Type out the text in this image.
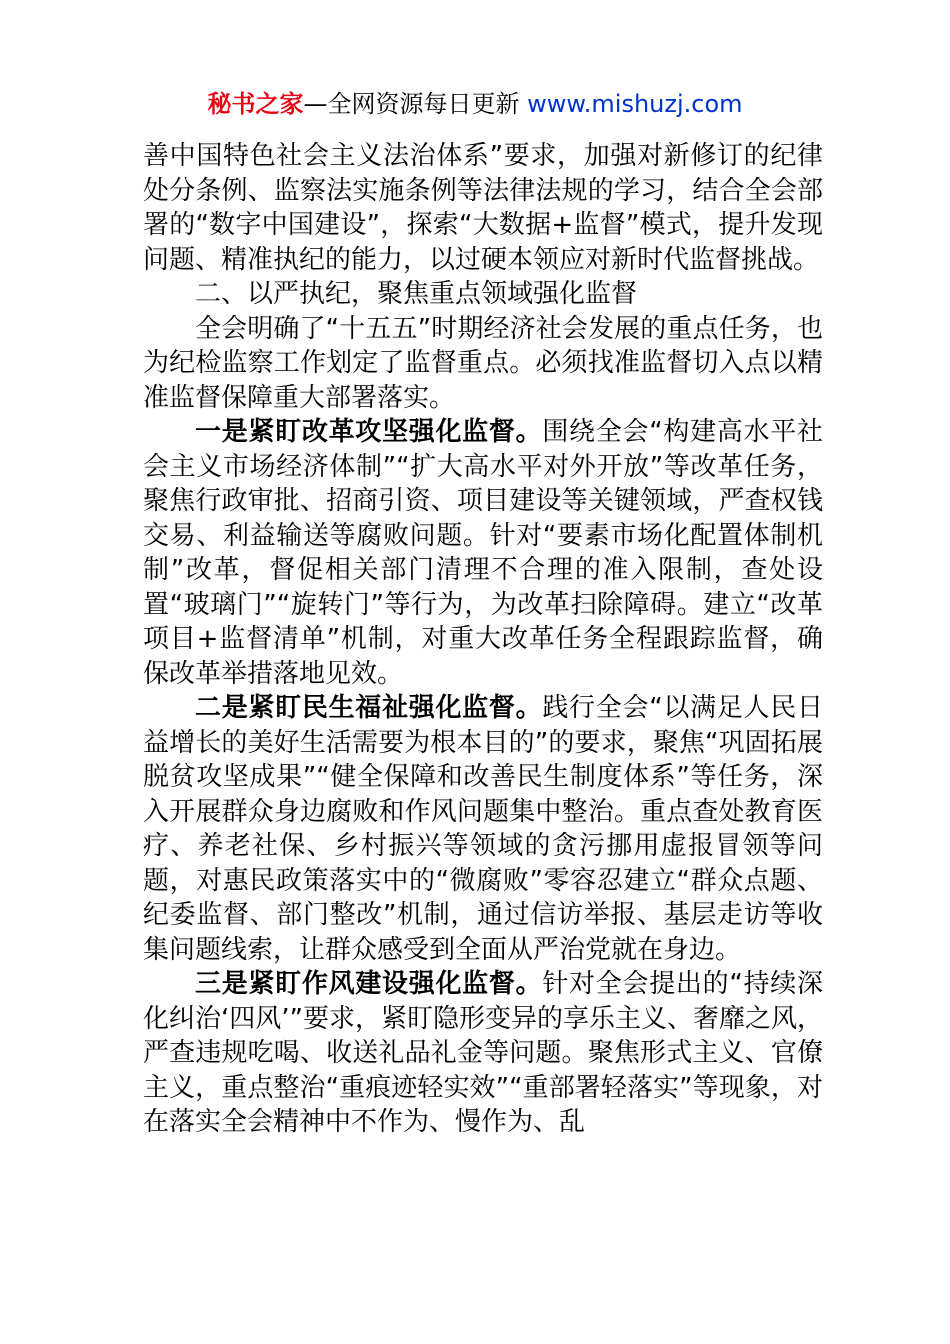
秘书之家—全网资源每日更新 www.mishuzj.com

善中国特色社会主义法治体系”要求，加强对新修订的纪律处分条例、监察法实施条例等法律法规的学习，结合全会部署的“数字中国建设”，探索“大数据+监督”模式，提升发现问题、精准执纪的能力，以过硬本领应对新时代监督挑战。

二、以严执纪，聚焦重点领域强化监督

全会明确了“十五五”时期经济社会发展的重点任务，也为纪检监察工作划定了监督重点。必须找准监督切入点以精准监督保障重大部署落实。

一是紧盯改革攻坚强化监督。围绕全会“构建高水平社会主义市场经济体制”“扩大高水平对外开放”等改革任务，聚焦行政审批、招商引资、项目建设等关键领域，严查权钱交易、利益输送等腐败问题。针对“要素市场化配置体制机制”改革，督促相关部门清理不合理的准入限制，查处设置“玻璃门”“旋转门”等行为，为改革扫除障碍。建立“改革项目+监督清单”机制，对重大改革任务全程跟踪监督，确保改革举措落地见效。

二是紧盯民生福祉强化监督。践行全会“以满足人民日益增长的美好生活需要为根本目的”的要求，聚焦“巩固拓展脱贫攻坚成果”“健全保障和改善民生制度体系”等任务，深入开展群众身边腐败和作风问题集中整治。重点查处教育医疗、养老社保、乡村振兴等领域的贪污挪用虚报冒领等问题，对惠民政策落实中的“微腐败”零容忍建立“群众点题、纪委监督、部门整改”机制，通过信访举报、基层走访等收集问题线索，让群众感受到全面从严治党就在身边。

三是紧盯作风建设强化监督。针对全会提出的“持续深化纠治‘四风’”要求，紧盯隐形变异的享乐主义、奢靡之风，严查违规吃喝、收送礼品礼金等问题。聚焦形式主义、官僚主义，重点整治“重痕迹轻实效”“重部署轻落实”等现象，对在落实全会精神中不作为、慢作为、乱
